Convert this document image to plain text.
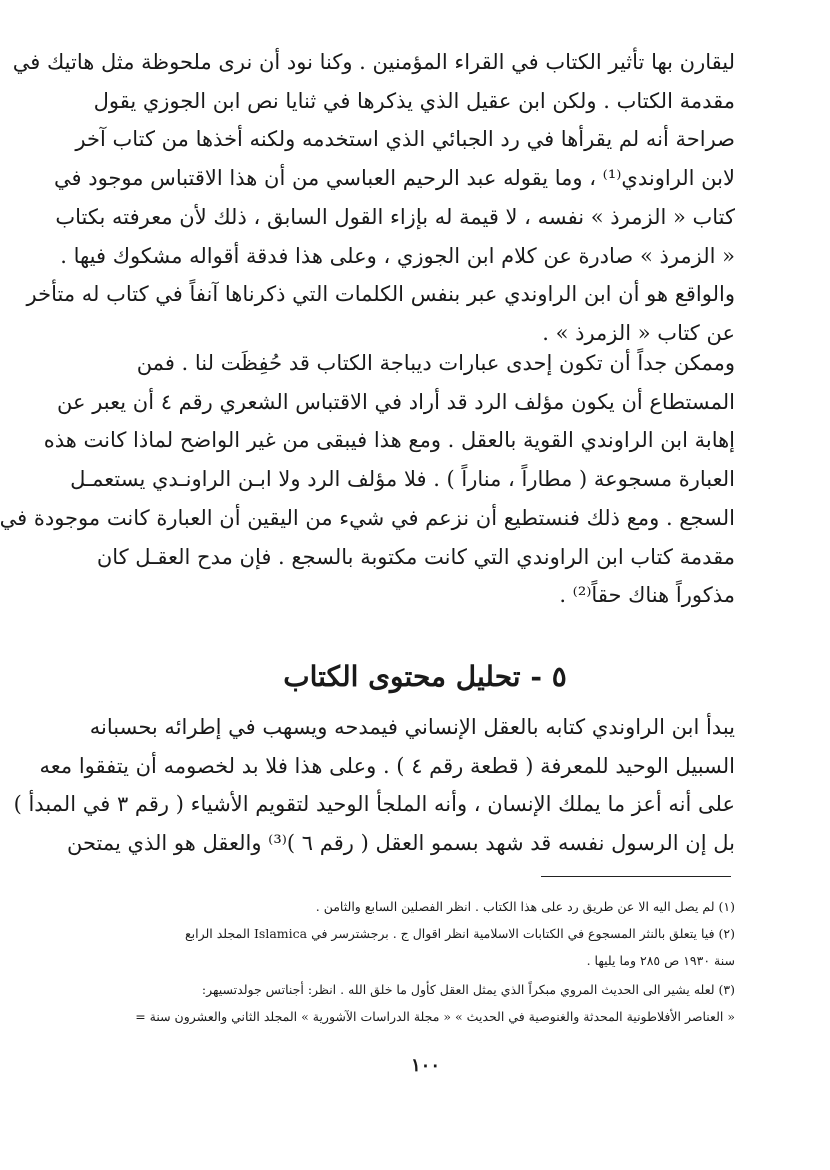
ليقارن بها تأثير الكتاب في القراء المؤمنين . وكنا نود أن نرى ملحوظة مثل هاتيك في
مقدمة الكتاب . ولكن ابن عقيل الذي يذكرها في ثنايا نص ابن الجوزي يقول
صراحة أنه لم يقرأها في رد الجبائي الذي استخدمه ولكنه أخذها من كتاب آخر
لابن الراوندي⁽¹⁾ ، وما يقوله عبد الرحيم العباسي من أن هذا الاقتباس موجود في
كتاب « الزمرذ » نفسه ، لا قيمة له بإزاء القول السابق ، ذلك لأن معرفته بكتاب
« الزمرذ » صادرة عن كلام ابن الجوزي ، وعلى هذا فدقة أقواله مشكوك فيها .
والواقع هو أن ابن الراوندي عبر بنفس الكلمات التي ذكرناها آنفاً في كتاب له متأخر
عن كتاب « الزمرذ » .
وممكن جداً أن تكون إحدى عبارات ديباجة الكتاب قد حُفِظَت لنا . فمن
المستطاع أن يكون مؤلف الرد قد أراد في الاقتباس الشعري رقم ٤ أن يعبر عن
إهابة ابن الراوندي القوية بالعقل . ومع هذا فيبقى من غير الواضح لماذا كانت هذه
العبارة مسجوعة ( مطاراً ، مناراً ) . فلا مؤلف الرد ولا ابـن الراونـدي يستعمـل
السجع . ومع ذلك فنستطيع أن نزعم في شيء من اليقين أن العبارة كانت موجودة في
مقدمة كتاب ابن الراوندي التي كانت مكتوبة بالسجع . فإن مدح العقـل كان
مذكوراً هناك حقاً⁽²⁾ .
٥ - تحليل محتوى الكتاب
يبدأ ابن الراوندي كتابه بالعقل الإنساني فيمدحه ويسهب في إطرائه بحسبانه
السبيل الوحيد للمعرفة ( قطعة رقم ٤ ) . وعلى هذا فلا بد لخصومه أن يتفقوا معه
على أنه أعز ما يملك الإنسان ، وأنه الملجأ الوحيد لتقويم الأشياء ( رقم ٣ في المبدأ )
بل إن الرسول نفسه قد شهد بسمو العقل ( رقم ٦ )⁽³⁾ والعقل هو الذي يمتحن

(١) لم يصل اليه الا عن طريق رد على هذا الكتاب . انظر الفصلين السابع والثامن .

(٢) فيا يتعلق بالنثر المسجوع في الكتابات الاسلامية انظر اقوال ج . برجشترسر في Islamica المجلد الرابع

سنة ١٩٣٠ ص ٢٨٥ وما يليها .

(٣) لعله يشير الى الحديث المروي مبكراً الذي يمثل العقل كأول ما خلق الله . انظر: أجناتس جولدتسيهر:

« العناصر الأفلاطونية المحدثة والغنوصية في الحديث » « مجلة الدراسات الآشورية » المجلد الثاني والعشرون سنة =

١٠٠
